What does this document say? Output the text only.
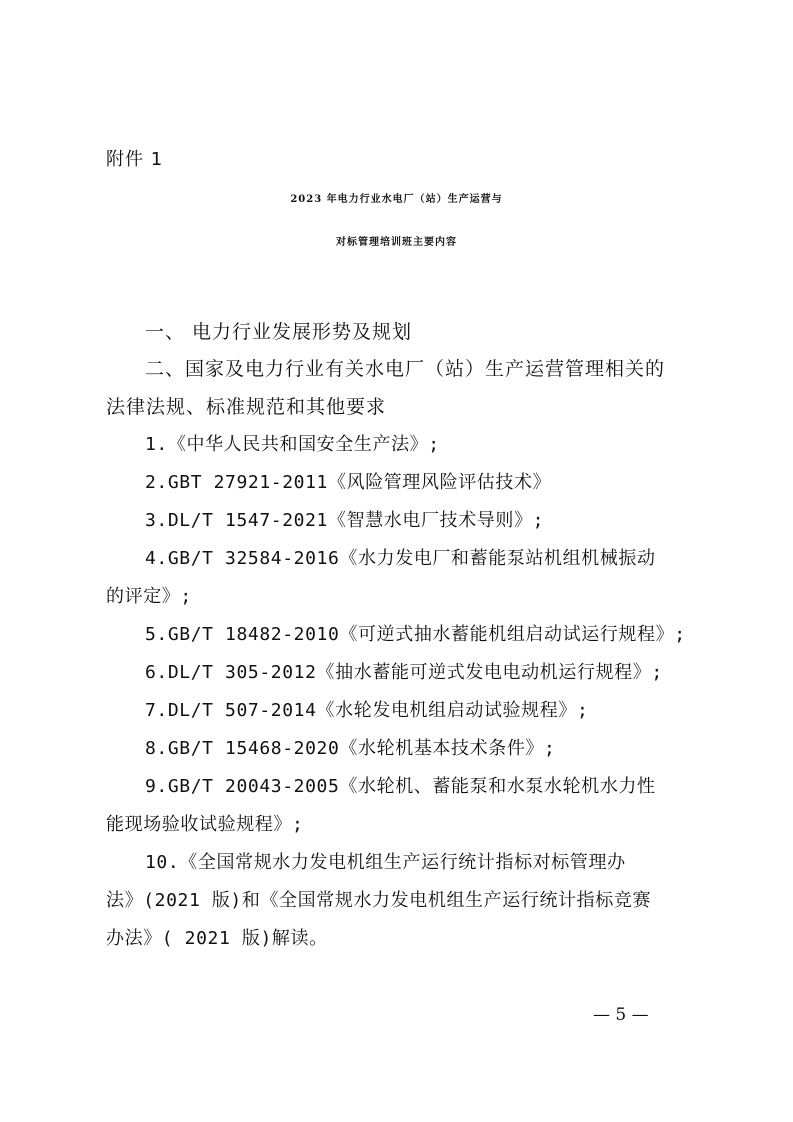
附件 1
2023 年电力行业水电厂（站）生产运营与
对标管理培训班主要内容
一、 电力行业发展形势及规划
二、国家及电力行业有关水电厂（站）生产运营管理相关的
法律法规、标准规范和其他要求
1.《中华人民共和国安全生产法》;
2.GBT 27921-2011《风险管理风险评估技术》
3.DL/T 1547-2021《智慧水电厂技术导则》;
4.GB/T 32584-2016《水力发电厂和蓄能泵站机组机械振动
的评定》;
5.GB/T 18482-2010《可逆式抽水蓄能机组启动试运行规程》;
6.DL/T 305-2012《抽水蓄能可逆式发电电动机运行规程》;
7.DL/T 507-2014《水轮发电机组启动试验规程》;
8.GB/T 15468-2020《水轮机基本技术条件》;
9.GB/T 20043-2005《水轮机、蓄能泵和水泵水轮机水力性
能现场验收试验规程》;
10.《全国常规水力发电机组生产运行统计指标对标管理办
法》(2021 版)和《全国常规水力发电机组生产运行统计指标竞赛
办法》( 2021 版)解读。
— 5 —
